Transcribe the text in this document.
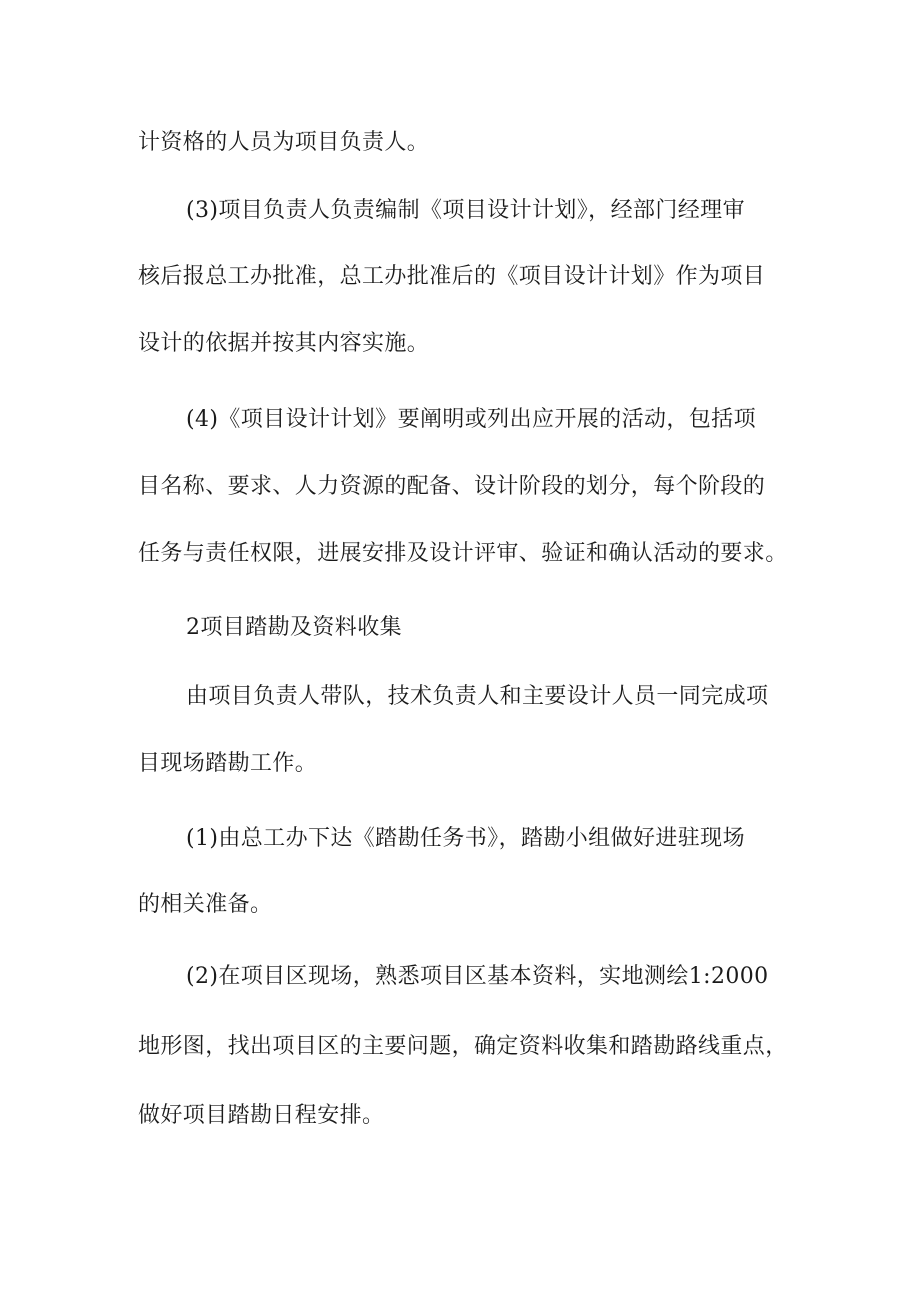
计资格的人员为项目负责人。
(3)项目负责人负责编制《项目设计计划》，经部门经理审
核后报总工办批准，总工办批准后的《项目设计计划》作为项目
设计的依据并按其内容实施。
(4)《项目设计计划》要阐明或列出应开展的活动，包括项
目名称、要求、人力资源的配备、设计阶段的划分，每个阶段的
任务与责任权限，进展安排及设计评审、验证和确认活动的要求。
2项目踏勘及资料收集
由项目负责人带队，技术负责人和主要设计人员一同完成项
目现场踏勘工作。
(1)由总工办下达《踏勘任务书》，踏勘小组做好进驻现场
的相关准备。
(2)在项目区现场，熟悉项目区基本资料，实地测绘1:2000
地形图，找出项目区的主要问题，确定资料收集和踏勘路线重点，
做好项目踏勘日程安排。
